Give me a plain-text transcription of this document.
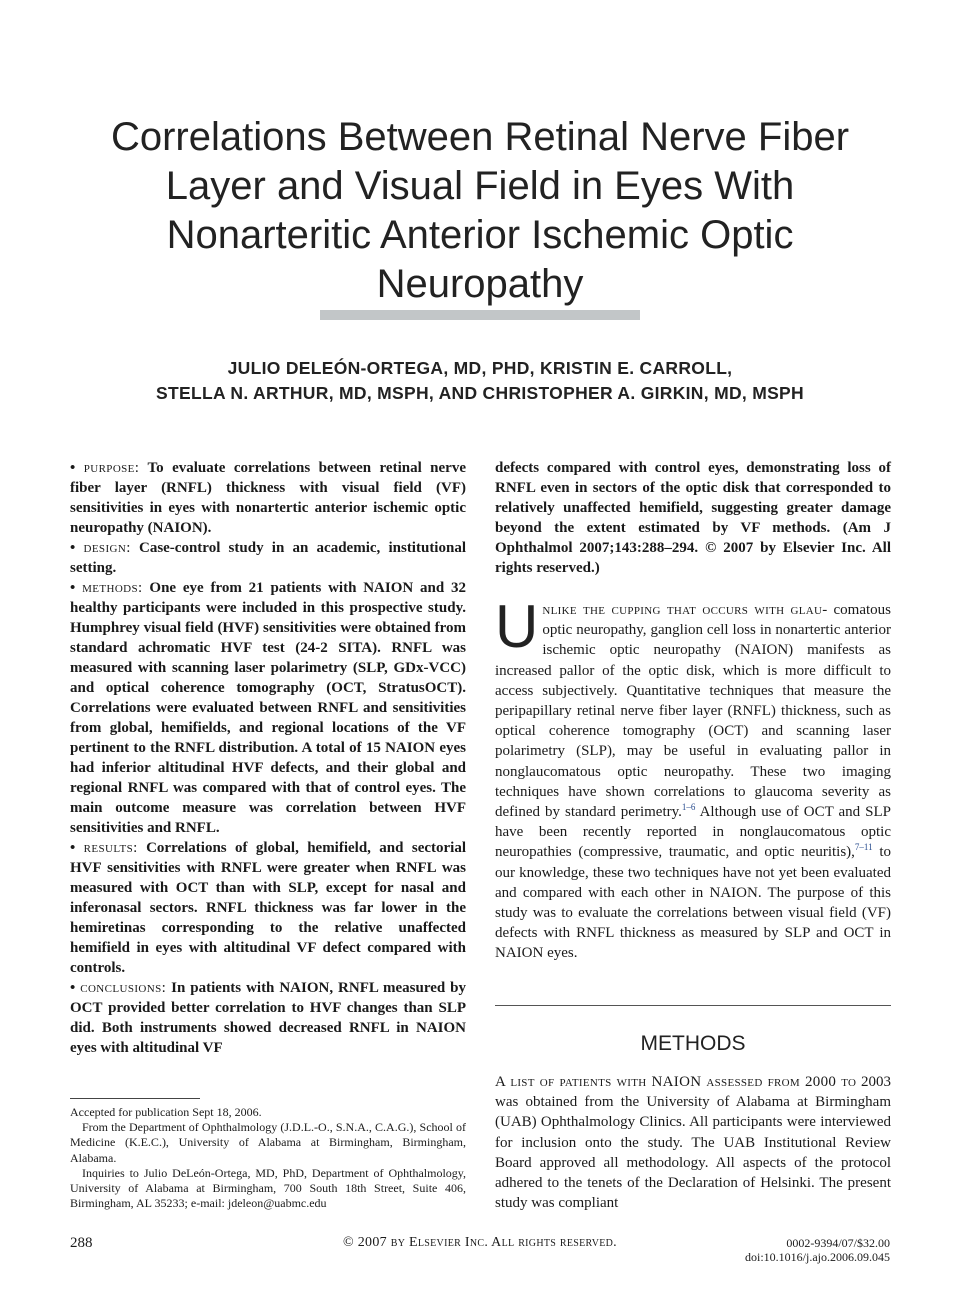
Correlations Between Retinal Nerve Fiber Layer and Visual Field in Eyes With Nonarteritic Anterior Ischemic Optic Neuropathy
JULIO DELEÓN-ORTEGA, MD, PHD, KRISTIN E. CARROLL,
STELLA N. ARTHUR, MD, MSPH, AND CHRISTOPHER A. GIRKIN, MD, MSPH

• purpose: To evaluate correlations between retinal nerve fiber layer (RNFL) thickness with visual field (VF) sensitivities in eyes with nonartertic anterior ischemic optic neuropathy (NAION).

• design: Case-control study in an academic, institutional setting.

• methods: One eye from 21 patients with NAION and 32 healthy participants were included in this prospective study. Humphrey visual field (HVF) sensitivities were obtained from standard achromatic HVF test (24-2 SITA). RNFL was measured with scanning laser polarimetry (SLP, GDx-VCC) and optical coherence tomography (OCT, StratusOCT). Correlations were evaluated between RNFL and sensitivities from global, hemifields, and regional locations of the VF pertinent to the RNFL distribution. A total of 15 NAION eyes had inferior altitudinal HVF defects, and their global and regional RNFL was compared with that of control eyes. The main outcome measure was correlation between HVF sensitivities and RNFL.

• results: Correlations of global, hemifield, and sectorial HVF sensitivities with RNFL were greater when RNFL was measured with OCT than with SLP, except for nasal and inferonasal sectors. RNFL thickness was far lower in the hemiretinas corresponding to the relative unaffected hemifield in eyes with altitudinal VF defect compared with controls.

• conclusions: In patients with NAION, RNFL measured by OCT provided better correlation to HVF changes than SLP did. Both instruments showed decreased RNFL in NAION eyes with altitudinal VF

defects compared with control eyes, demonstrating loss of RNFL even in sectors of the optic disk that corresponded to relatively unaffected hemifield, suggesting greater damage beyond the extent estimated by VF methods. (Am J Ophthalmol 2007;143:288–294. © 2007 by Elsevier Inc. All rights reserved.)

Unlike the cupping that occurs with glau- comatous optic neuropathy, ganglion cell loss in nonartertic anterior ischemic optic neuropathy (NAION) manifests as increased pallor of the optic disk, which is more difficult to access subjectively. Quantitative techniques that measure the peripapillary retinal nerve fiber layer (RNFL) thickness, such as optical coherence tomography (OCT) and scanning laser polarimetry (SLP), may be useful in evaluating pallor in nonglaucomatous optic neuropathy. These two imaging techniques have shown correlations to glaucoma severity as defined by standard perimetry.$^{1-6}$ Although use of OCT and SLP have been recently reported in nonglaucomatous optic neuropathies (compressive, traumatic, and optic neuritis),$^{7-11}$ to our knowledge, these two techniques have not yet been evaluated and compared with each other in NAION. The purpose of this study was to evaluate the correlations between visual field (VF) defects with RNFL thickness as measured by SLP and OCT in NAION eyes.

METHODS

A list of patients with NAION assessed from 2000 to 2003 was obtained from the University of Alabama at Birmingham (UAB) Ophthalmology Clinics. All participants were interviewed for inclusion onto the study. The UAB Institutional Review Board approved all methodology. All aspects of the protocol adhered to the tenets of the Declaration of Helsinki. The present study was compliant

Accepted for publication Sept 18, 2006.

From the Department of Ophthalmology (J.D.L.-O., S.N.A., C.A.G.), School of Medicine (K.E.C.), University of Alabama at Birmingham, Birmingham, Alabama.

Inquiries to Julio DeLeón-Ortega, MD, PhD, Department of Ophthalmology, University of Alabama at Birmingham, 700 South 18th Street, Suite 406, Birmingham, AL 35233; e-mail: jdeleon@uabmc.edu

288	© 2007 by Elsevier Inc. All rights reserved.	0002-9394/07/$32.00
doi:10.1016/j.ajo.2006.09.045
